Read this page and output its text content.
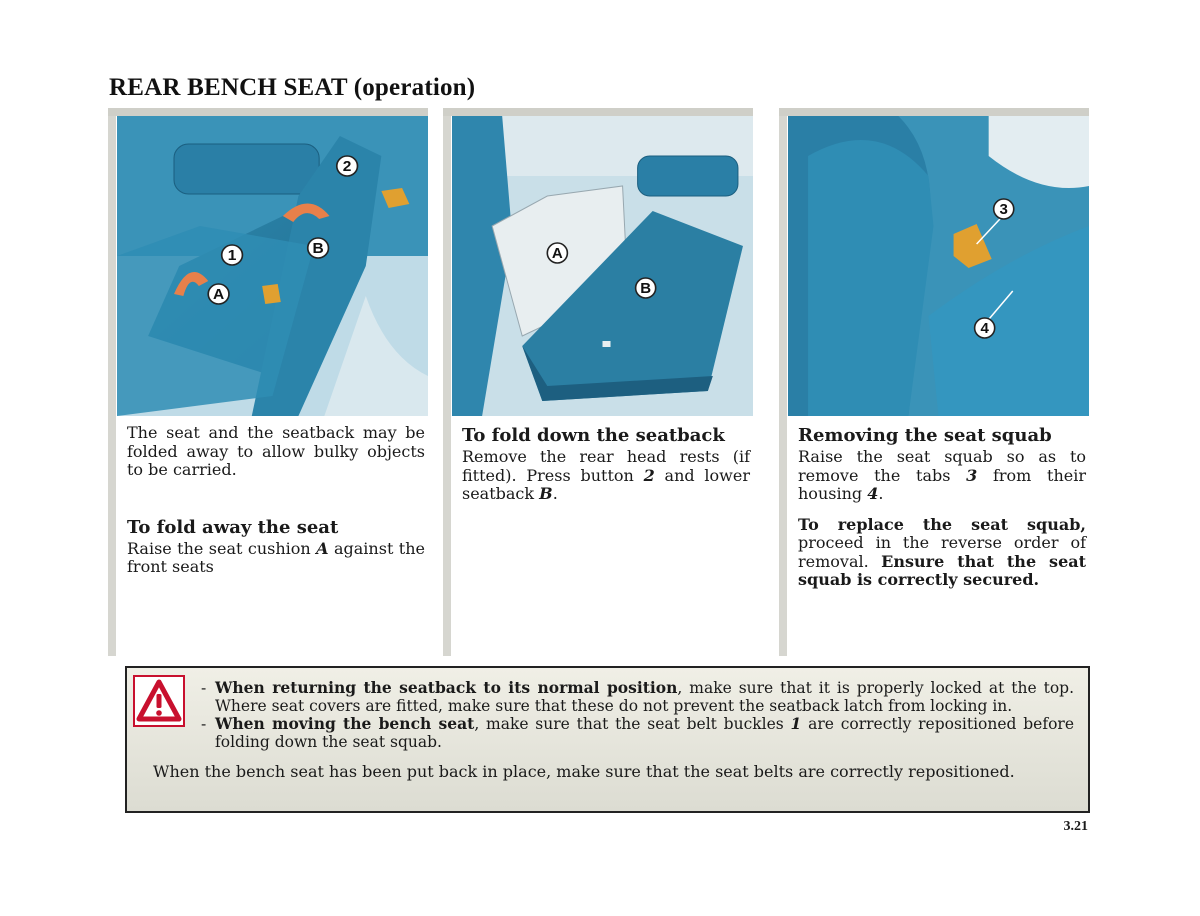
REAR BENCH SEAT (operation)
2
B
1
A

The seat and the seatback may be folded away to allow bulky objects to be carried.

To fold away the seat

Raise the seat cushion A against the front seats

A
B
To fold down the seatback

Remove the rear head rests (if fitted). Press button 2 and lower seatback B.

3
4
Removing the seat squab

Raise the seat squab so as to remove the tabs 3 from their housing 4.

To replace the seat squab, proceed in the reverse order of removal. Ensure that the seat squab is correctly secured.

- When returning the seatback to its normal position, make sure that it is properly locked at the top. Where seat covers are fitted, make sure that these do not prevent the seatback latch from locking in.
- When moving the bench seat, make sure that the seat belt buckles 1 are correctly repositioned before folding down the seat squab.
When the bench seat has been put back in place, make sure that the seat belts are correctly repositioned.
3.21
